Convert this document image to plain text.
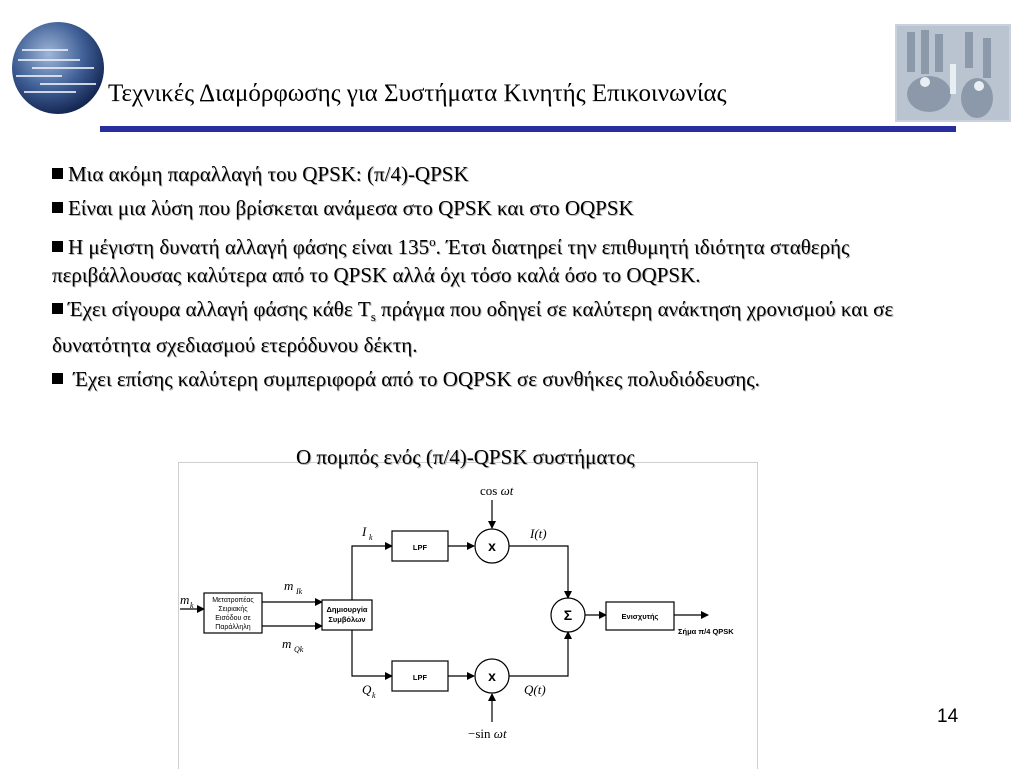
Τεχνικές Διαμόρφωσης για Συστήματα Κινητής Επικοινωνίας
Μια ακόμη παραλλαγή του QPSK: (π/4)-QPSK
Είναι μια λύση που βρίσκεται ανάμεσα στο QPSK και στο OQPSK
Η μέγιστη δυνατή αλλαγή φάσης είναι 135$^o$. Έτσι διατηρεί την επιθυμητή ιδιότητα σταθερής περιβάλλουσας καλύτερα από το QPSK αλλά όχι τόσο καλά όσο το OQPSK.
Έχει σίγουρα αλλαγή φάσης κάθε $T_s$ πράγμα που οδηγεί σε καλύτερη ανάκτηση χρονισμού και σε δυνατότητα σχεδιασμού ετερόδυνου δέκτη.
Έχει επίσης καλύτερη συμπεριφορά από το OQPSK σε συνθήκες πολυδιόδευσης.
m k
Μετατροπέας
Σειριακής
Εισόδου σε
Παράλληλη
m Ik
m Qk
Δημιουργία
Συμβόλων
I k
Q k
LPF
LPF
x
x
cos ωt
−sin ωt
I(t)
Q(t)
Σ	Ενισχυτής
Σήμα π/4 QPSK
Ο πομπός ενός (π/4)-QPSK συστήματος
14
